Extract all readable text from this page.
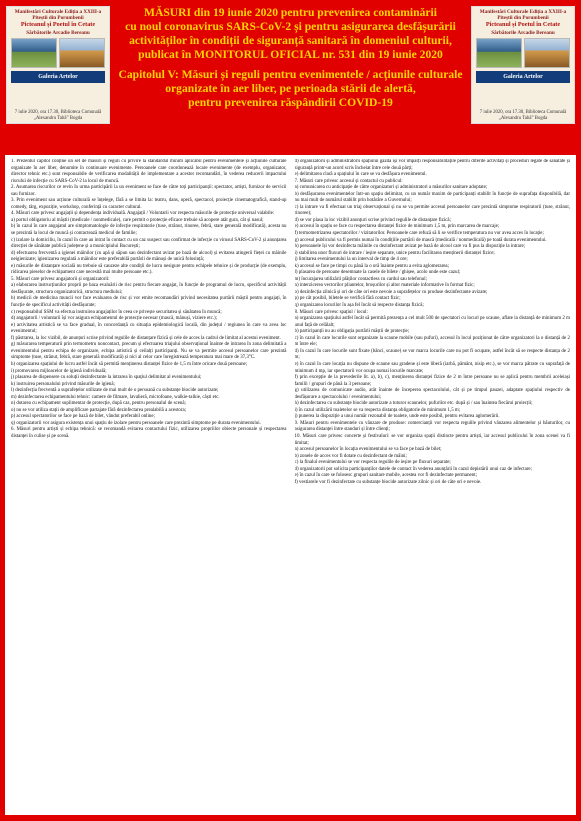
Manifestări Culturale Ediția a XXIII-a Piteștii din Porumbenii
Picteanul și Poetul în Cetate
Sărbătorile Arcadie Bereanu
Galeria Artelor
7 iulie 2020, ora 17.30, Biblioteca Comunală „Alexandru Tabă” Bogda
Manifestări Culturale Ediția a XXIII-a Piteștii din Porumbenii
Picteanul și Poetul în Cetate
Sărbătorile Arcadie Bereanu
Galeria Artelor
7 iulie 2020, ora 17.30, Biblioteca Comunală „Alexandru Tabă” Bogda

MĂSURI din 19 iunie 2020 pentru prevenirea contaminării

cu noul coronavirus SARS-CoV-2 și pentru asigurarea desfășurării

activităților în condiții de siguranță sanitară în domeniul culturii,

publicat în MONITORUL OFICIAL nr. 531 din 19 iunie 2020

Capitolul V: Măsuri și reguli pentru evenimentele / acțiunile culturale

organizate în aer liber, pe perioada stării de alertă,

pentru prevenirea răspândirii COVID-19

1. Prezentul capitol conține un set de măsuri și reguli cu privire la standardul minim aplicabil pentru evenimentele și acțiunile culturale organizate în aer liber, denumite în continuare evenimente. Persoanele care coordonează locare evenimente (de exemplu, organizator, director tehnic etc.) sunt responsabile de verificarea modalității de implementare a acestor recomandări, în vederea reducerii impactului riscului de infecție cu SARS-CoV-2 la locul de muncă.

2. Asumarea riscurilor ce revin în urma participării la un eveniment se face de către toți participanții: spectator, artiști, furnizor de servicii sau furnizor.

3. Prin eveniment sau acțiune culturală se înțelege, fără a se limita la: teatru, dans, operă, spectacol, proiecție cinematografică, stand-up comedy, târg, expoziție, workshop, conferință cu caracter cultural.

4. Măsuri care privesc angajații și dependența individuală. Angajații / Voluntarii vor respecta măsurile de protecție universal valabile:

a) portul obligatoriu al măștii (medicale / nonmedicale), care permit o protecție eficace trebuie să acopere atât gura, cât și nasul;

b) în cazul în care angajatul are simptomatologie de infecție respiratorie (tuse, strănut, rinoree, febră, stare generală modificată), acesta nu se prezintă la locul de muncă și contactează medicul de familie;

c) izolare la domiciliu, în cazul în care au intrat în contact cu un caz suspect sau confirmat de infecție cu virusul SARS-CoV-2 și anunțarea direcției de sănătate publică județene și a municipiului București;

d) efectuarea frecventă a igienei mâinilor (cu apă și săpun sau dezinfectant avizat pe bază de alcool) și evitarea atingerii fieței cu mâinile neigienizate; igienizarea regulată a mâinilor este preferabilă purtării de mănuși de unică folosință;

e) măsurile de distanțare socială nu trebuie să cauzeze alte condiții de lucru nesigure pentru echipele tehnice și de producție (de exemplu, ridicarea pieselor de echipament care necesită mai multe persoane etc.).

5. Măsuri care privesc angajatorii și organizatorii:

a) elaborarea instrucțiunilor proprii pe baza evaluării de risc pentru fiecare angajat, în funcție de programul de lucru, specificul activității desfășurate, structura organizatorică, structura mediului;

b) medicii de medicina muncii vor face evaluarea de risc și vor emite recomandări privind necesitatea purtării măștii pentru angajați, în funcție de specificul activității desfășurate;

c) responsabilul SSM va efectua instruirea angajaților în ceea ce privește securitatea și sănătatea în muncă;

d) angajatorii / voluntarii își vor asigura echipamentul de protecție necesar (mască, mănuși, viziere etc.);

e) activitatea artistică se va face gradual, în concordanță cu situația epidemiologică locală, din județul / regiunea în care va avea loc evenimentul;

f) păstrarea, la loc vizibil, de anunțuri scrise privind regulile de distanțare fizică și cele de acces la cadrul de limitat al acestui eveniment.

g) măsurarea temperaturii prin termometru noncontact, precum și efectuarea triajului observațional înainte de intrarea în zona delimitată a evenimentului pentru echipa de organizare, echipa artistică și ceilalți participanți. Nu se va permite accesul persoanelor care prezintă simptome (tuse, strănut, febră, stare generală modificată) și nici al celor care înregistrează temperatura mai mare de 37,3°C.

h) organizarea spațiului de lucru astfel încât să permită menținerea distanței fizice de 1,5 m între oricare două persoane;

i) promovarea mijloacelor de igienă individuală;

j) plasarea de dispensere cu soluții dezinfectante la intrarea în spațiul delimitat al evenimentului;

k) instruirea personalului privind măsurile de igienă;

l) dezinfecția frecventă a suprafețelor utilizate de mai mult de o persoană cu substanțe biocide autorizate;

m) dezinfectarea echipamentului tehnic: camere de filmare, lavalieră, microfoane, walkie-talkie, căști etc.

n) dotarea cu echipament suplimentar de protecție, după caz, pentru personalul de scenă;

o) nu se vor utiliza stații de amplificare partajate fără dezinfectarea prealabilă a acestora;

p) accesul spectatorilor se face pe bază de bilet, vândut preferabil online;

q) organizatorii vor asigura existența unui spațiu de izolare pentru persoanele care prezintă simptome pe durata evenimentului.

6. Măsuri pentru artiști și echipa tehnică: se recomandă evitarea contactului fizic, utilizarea propriilor obiecte personale și respectarea distanței în culise și pe scenă.

d) organizatorii și administratorii spațiului gazdă își vor împărți responsabilitățile pentru diferite activități și proceduri legate de sănătate și siguranță printr-un acord scris încheiat între cele două părți;

e) delimitarea clară a spațiului în care se va desfășura evenimentul.

7. Măsuri care privesc accesul și contactul cu publicul:

a) comunicarea cu anticipație de către organizatori și administratori a măsurilor sanitare adoptate;

b) desfășurarea evenimentelor într-un spațiu delimitat, cu un număr maxim de participanți stabilit în funcție de suprafața disponibilă, dar nu mai mult de numărul stabilit prin hotărâre a Guvernului;

c) la intrare va fi efectuat un triaj observațional și nu se va permite accesul persoanelor care prezintă simptome respiratorii (tuse, strănut, rinoree);

d) se vor plasa la loc vizibil anunțuri scrise privind regulile de distanțare fizică;

e) accesul în spațiu se face cu respectarea distanței fizice de minimum 1,5 m, prin marcarea de marcaje;

f) termometrizarea spectatorilor / vizitatorilor. Persoanele care refuză să li se verifice temperatura nu vor avea acces în locație;

g) accesul publicului va fi permis numai în condițiile purtării de mască (medicală / nonmedicală) pe toată durata evenimentului.

h) persoanele își vor dezinfecta mâinile cu dezinfectant avizat pe bază de alcool care va fi pus la dispoziție la intrare;

i) stabilirea unor fluxuri de intrare / ieșire separate, unice pentru facilitarea menținerii distanței fizice;

j) limitarea evenimentului la un interval de timp de 4 ore;

k) accesul se face pe timpi cu până la o oră înainte pentru a evita aglomerarea;

l) plasarea de persoane desemnate la casele de bilete / ghișee, acolo unde este cazul;

m) încurajarea utilizării plăților contactless cu cardul sau telefonul;

n) interzicerea vectorilor pliantelor, broșurilor și altor materiale informative în format fizic;

o) dezinfecția zilnică și ori de câte ori este nevoie a suprafețelor cu produse dezinfectante avizate;

p) pe cât posibil, biletele se verifică fără contact fizic;

q) organizarea locurilor în așa fel încât să respecte distanța fizică;

8. Măsuri care privesc spațiul / locul:

a) organizarea spațiului astfel încât să permită prezența a cel mult 500 de spectatori cu locuri pe scaune, aflate la distanță de minimum 2 m unul față de celălalt;

b) participanții nu au obligația purtării măștii de protecție;

c) în cazul în care locurile sunt organizate la scaune mobile (sau pufuri), accesul în locul poziționat de către organizatori la o distanță de 2 m între ele;

d) în cazul în care locurile sunt fixate (bănci, scaune) se vor marca locurile care nu pot fi ocupate, astfel încât să se respecte distanța de 2 m;

e) în cazul în care locația nu dispune de scaune sau gradene și este liberă (iarbă, pământ, nisip etc.), se vor marca pătrate cu suprafață de minimum 4 mp, iar spectatorii vor ocupa numai locurile marcate;

f) prin excepție de la prevederile lit. a), b), c), menținerea distanței fizice de 2 m între persoane nu se aplică pentru membrii aceleiași familii / grupuri de până la 3 persoane;

g) utilizarea de comunicate audio, atât înainte de începerea spectacolului, cât și pe timpul pauzei, adaptate spațiului respectiv de desfășurare a spectacolului / evenimentului;

h) dezinfectarea cu substanțe biocide autorizate a tuturor scaunelor, pufurilor etc. după și / sau înaintea fiecărui proiecții;

i) în cazul utilizării toaletelor se va respecta distanța obligatorie de minimum 1,5 m;

j) punerea la dispoziție a unui număr rezonabil de toalete, unde este posibil, pentru evitarea aglomerării.

9. Măsuri pentru evenimentele cu vânzare de produse: comercianții vor respecta regulile privind vânzarea alimentelor și băuturilor, cu asigurarea distanței între standuri și între clienți;

10. Măsuri care privesc concerte și festivaluri: se vor organiza spații distincte pentru artiști, iar accesul publicului în zona scenei va fi limitat;

a) accesul persoanelor în locația evenimentului se va face pe bază de bilet;

b) zonele de acces vor fi dotate cu dezinfectant de mâini;

c) la finalul evenimentului se vor respecta regulile de ieșire pe fluxuri separate;

d) organizatorii pot solicita participanților datele de contact în vederea anunțării în cazul depistării unui caz de infectare;

e) în cazul în care se folosesc grupuri sanitare mobile, acestea vor fi dezinfectate permanent;

f) vestiarele vor fi dezinfectate cu substanțe biocide autorizate zilnic și ori de câte ori e nevoie.
